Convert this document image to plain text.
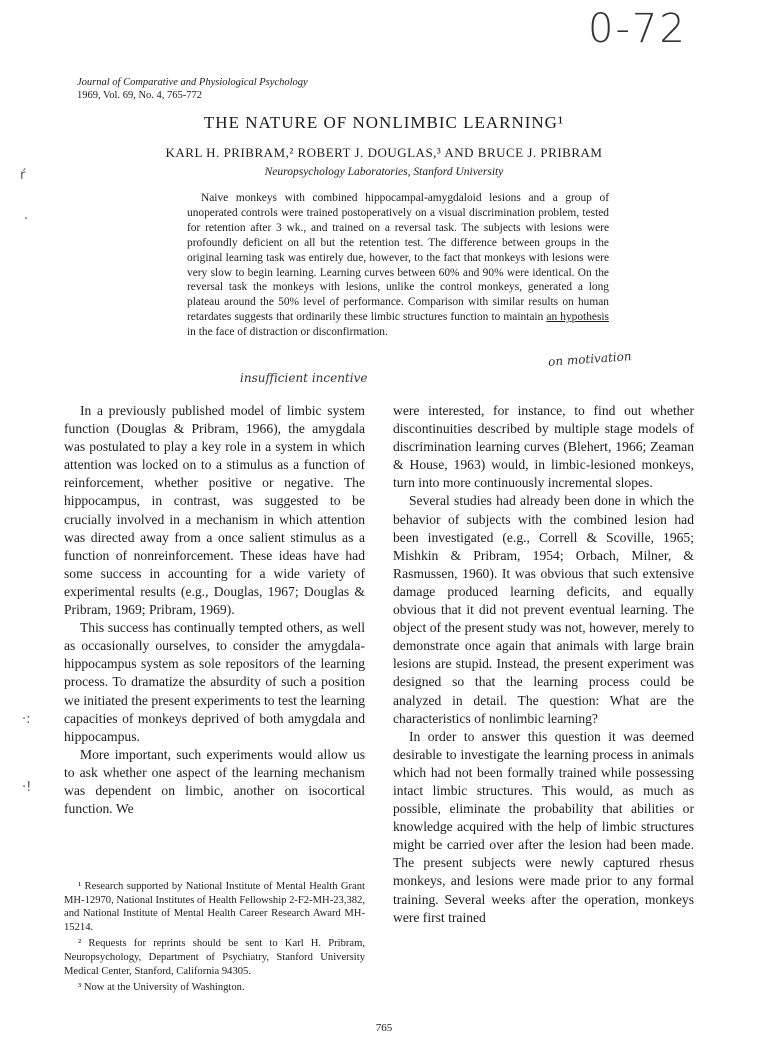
0-72
Journal of Comparative and Physiological Psychology
1969, Vol. 69, No. 4, 765-772
THE NATURE OF NONLIMBIC LEARNING¹
KARL H. PRIBRAM,² ROBERT J. DOUGLAS,³ AND BRUCE J. PRIBRAM
Neuropsychology Laboratories, Stanford University
Naive monkeys with combined hippocampal-amygdaloid lesions and a group of unoperated controls were trained postoperatively on a visual discrimination problem, tested for retention after 3 wk., and trained on a reversal task. The subjects with lesions were profoundly deficient on all but the retention test. The difference between groups in the original learning task was entirely due, however, to the fact that monkeys with lesions were very slow to begin learning. Learning curves between 60% and 90% were identical. On the reversal task the monkeys with lesions, unlike the control monkeys, generated a long plateau around the 50% level of performance. Comparison with similar results on human retardates suggests that ordinarily these limbic structures function to maintain an hypothesis in the face of distraction or disconfirmation.
on motivation
insufficient incentive
ŕ
·
·:
·!

In a previously published model of limbic system function (Douglas & Pribram, 1966), the amygdala was postulated to play a key role in a system in which attention was locked on to a stimulus as a function of reinforcement, whether positive or negative. The hippocampus, in contrast, was suggested to be crucially involved in a mechanism in which attention was directed away from a once salient stimulus as a function of nonreinforcement. These ideas have had some success in accounting for a wide variety of experimental results (e.g., Douglas, 1967; Douglas & Pribram, 1969; Pribram, 1969).

This success has continually tempted others, as well as occasionally ourselves, to consider the amygdala-hippocampus system as sole repositors of the learning process. To dramatize the absurdity of such a position we initiated the present experiments to test the learning capacities of monkeys deprived of both amygdala and hippocampus.

More important, such experiments would allow us to ask whether one aspect of the learning mechanism was dependent on limbic, another on isocortical function. We

were interested, for instance, to find out whether discontinuities described by multiple stage models of discrimination learning curves (Blehert, 1966; Zeaman & House, 1963) would, in limbic-lesioned monkeys, turn into more continuously incremental slopes.

Several studies had already been done in which the behavior of subjects with the combined lesion had been investigated (e.g., Correll & Scoville, 1965; Mishkin & Pribram, 1954; Orbach, Milner, & Rasmussen, 1960). It was obvious that such extensive damage produced learning deficits, and equally obvious that it did not prevent eventual learning. The object of the present study was not, however, merely to demonstrate once again that animals with large brain lesions are stupid. Instead, the present experiment was designed so that the learning process could be analyzed in detail. The question: What are the characteristics of nonlimbic learning?

In order to answer this question it was deemed desirable to investigate the learning process in animals which had not been formally trained while possessing intact limbic structures. This would, as much as possible, eliminate the probability that abilities or knowledge acquired with the help of limbic structures might be carried over after the lesion had been made. The present subjects were newly captured rhesus monkeys, and lesions were made prior to any formal training. Several weeks after the operation, monkeys were first trained

¹ Research supported by National Institute of Mental Health Grant MH-12970, National Institutes of Health Fellowship 2-F2-MH-23,382, and National Institute of Mental Health Career Research Award MH-15214.

² Requests for reprints should be sent to Karl H. Pribram, Neuropsychology, Department of Psychiatry, Stanford University Medical Center, Stanford, California 94305.

³ Now at the University of Washington.

765
